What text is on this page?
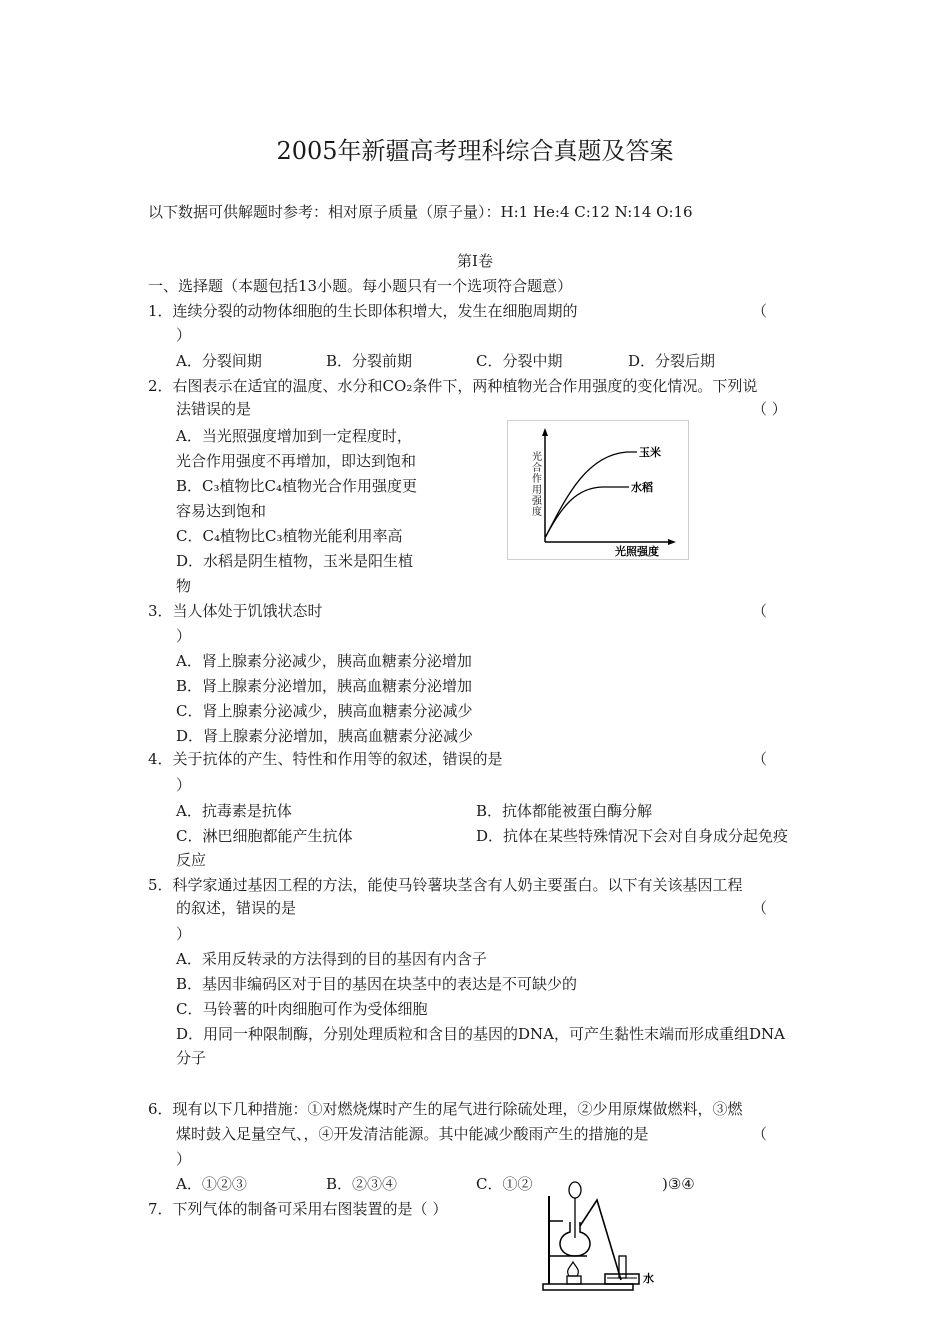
2005年新疆高考理科综合真题及答案
以下数据可供解题时参考：相对原子质量（原子量）：H:1 He:4 C:12 N:14 O:16
第Ⅰ卷
一、选择题（本题包括13小题。每小题只有一个选项符合题意）
1．连续分裂的动物体细胞的生长即体积增大，发生在细胞周期的	（
）
A．分裂间期	B．分裂前期	C．分裂中期	D．分裂后期
2．右图表示在适宜的温度、水分和CO₂条件下，两种植物光合作用强度的变化情况。下列说
法错误的是	（ ）
A．当光照强度增加到一定程度时，
光合作用强度不再增加，即达到饱和
B．C₃植物比C₄植物光合作用强度更
容易达到饱和
C．C₄植物比C₃植物光能利用率高
D．水稻是阴生植物，玉米是阳生植
物
光
合
作
用
强
度
光照强度
玉米
水稻
3．当人体处于饥饿状态时	（
）
A．肾上腺素分泌减少，胰高血糖素分泌增加
B．肾上腺素分泌增加，胰高血糖素分泌增加
C．肾上腺素分泌减少，胰高血糖素分泌减少
D．肾上腺素分泌增加，胰高血糖素分泌减少
4．关于抗体的产生、特性和作用等的叙述，错误的是	（
）
A．抗毒素是抗体	B．抗体都能被蛋白酶分解
C．淋巴细胞都能产生抗体	D．抗体在某些特殊情况下会对自身成分起免疫
反应
5．科学家通过基因工程的方法，能使马铃薯块茎含有人奶主要蛋白。以下有关该基因工程
的叙述，错误的是	（
）
A．采用反转录的方法得到的目的基因有内含子
B．基因非编码区对于目的基因在块茎中的表达是不可缺少的
C．马铃薯的叶肉细胞可作为受体细胞
D．用同一种限制酶，分别处理质粒和含目的基因的DNA，可产生黏性末端而形成重组DNA
分子
6．现有以下几种措施：①对燃烧煤时产生的尾气进行除硫处理，②少用原煤做燃料，③燃
煤时鼓入足量空气、，④开发清洁能源。其中能减少酸雨产生的措施的是	（
）
A．①②③	B．②③④	C．①②	)③④
7．下列气体的制备可采用右图装置的是（ ）
水
